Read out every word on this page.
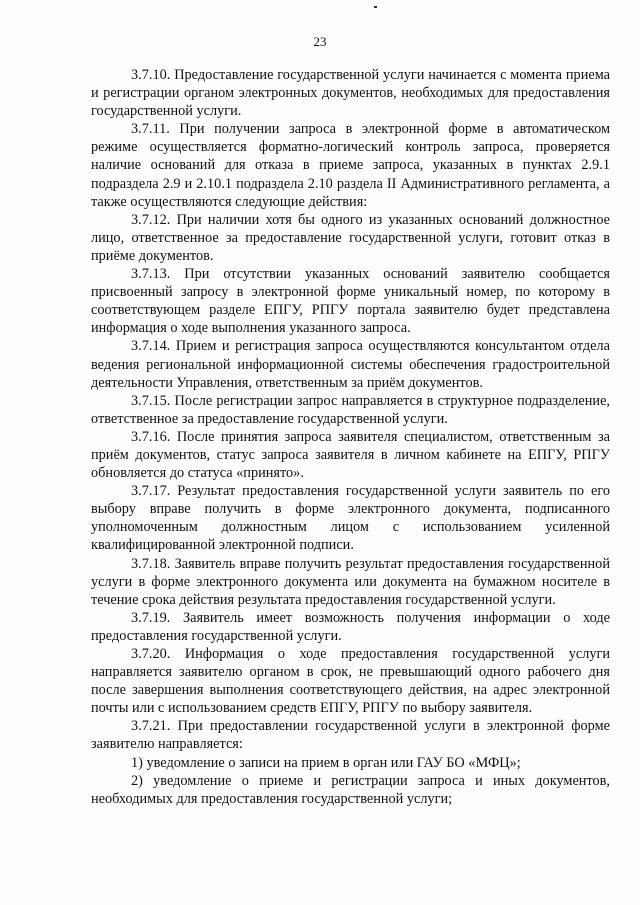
23

3.7.10. Предоставление государственной услуги начинается с момента приема и регистрации органом электронных документов, необходимых для предоставления государственной услуги.

3.7.11. При получении запроса в электронной форме в автоматическом режиме осуществляется форматно-логический контроль запроса, проверяется наличие оснований для отказа в приеме запроса, указанных в пунктах 2.9.1 подраздела 2.9 и 2.10.1 подраздела 2.10 раздела II Административного регламента, а также осуществляются следующие действия:

3.7.12. При наличии хотя бы одного из указанных оснований должностное лицо, ответственное за предоставление государственной услуги, готовит отказ в приёме документов.

3.7.13. При отсутствии указанных оснований заявителю сообщается присвоенный запросу в электронной форме уникальный номер, по которому в соответствующем разделе ЕПГУ, РПГУ портала заявителю будет представлена информация о ходе выполнения указанного запроса.

3.7.14. Прием и регистрация запроса осуществляются консультантом отдела ведения региональной информационной системы обеспечения градостроительной деятельности Управления, ответственным за приём документов.

3.7.15. После регистрации запрос направляется в структурное подразделение, ответственное за предоставление государственной услуги.

3.7.16. После принятия запроса заявителя специалистом, ответственным за приём документов, статус запроса заявителя в личном кабинете на ЕПГУ, РПГУ обновляется до статуса «принято».

3.7.17. Результат предоставления государственной услуги заявитель по его выбору вправе получить в форме электронного документа, подписанного уполномоченным должностным лицом с использованием усиленной квалифицированной электронной подписи.

3.7.18. Заявитель вправе получить результат предоставления государственной услуги в форме электронного документа или документа на бумажном носителе в течение срока действия результата предоставления государственной услуги.

3.7.19. Заявитель имеет возможность получения информации о ходе предоставления государственной услуги.

3.7.20. Информация о ходе предоставления государственной услуги направляется заявителю органом в срок, не превышающий одного рабочего дня после завершения выполнения соответствующего действия, на адрес электронной почты или с использованием средств ЕПГУ, РПГУ по выбору заявителя.

3.7.21. При предоставлении государственной услуги в электронной форме заявителю направляется:

1) уведомление о записи на прием в орган или ГАУ БО «МФЦ»;

2) уведомление о приеме и регистрации запроса и иных документов, необходимых для предоставления государственной услуги;
